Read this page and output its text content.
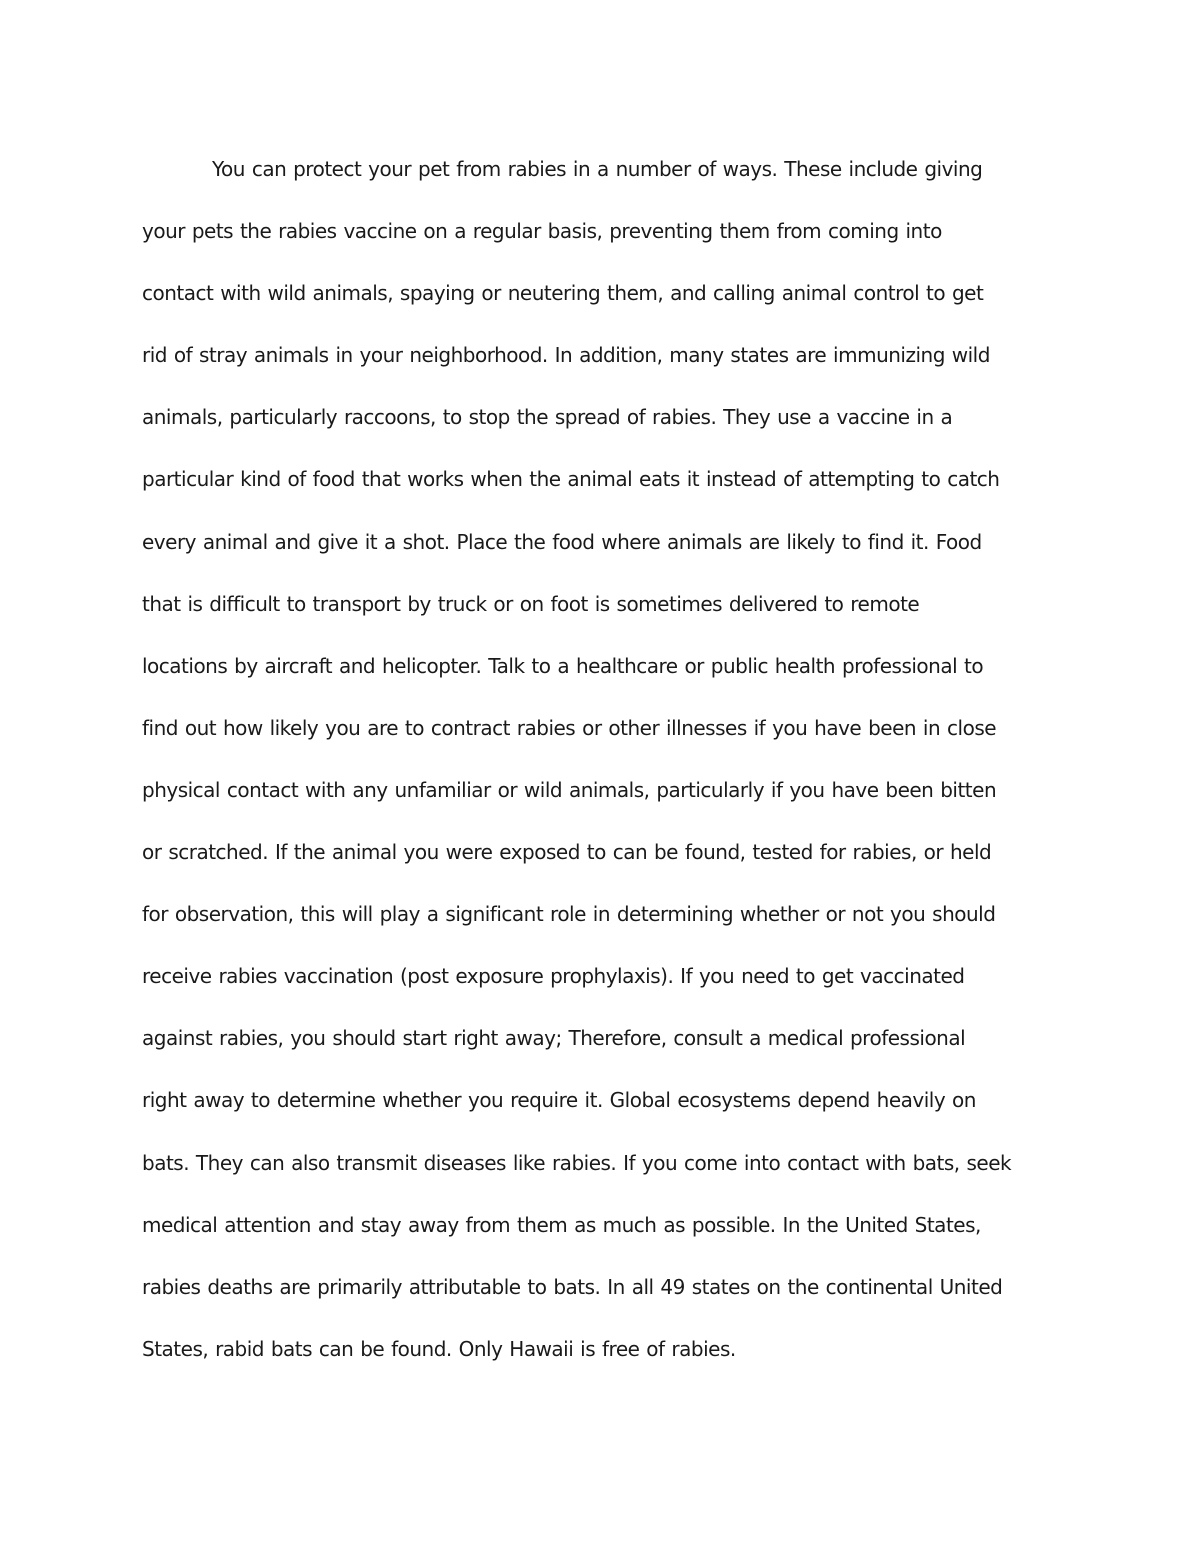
You can protect your pet from rabies in a number of ways. These include giving
your pets the rabies vaccine on a regular basis, preventing them from coming into
contact with wild animals, spaying or neutering them, and calling animal control to get
rid of stray animals in your neighborhood. In addition, many states are immunizing wild
animals, particularly raccoons, to stop the spread of rabies. They use a vaccine in a
particular kind of food that works when the animal eats it instead of attempting to catch
every animal and give it a shot. Place the food where animals are likely to find it. Food
that is difficult to transport by truck or on foot is sometimes delivered to remote
locations by aircraft and helicopter. Talk to a healthcare or public health professional to
find out how likely you are to contract rabies or other illnesses if you have been in close
physical contact with any unfamiliar or wild animals, particularly if you have been bitten
or scratched. If the animal you were exposed to can be found, tested for rabies, or held
for observation, this will play a significant role in determining whether or not you should
receive rabies vaccination (post exposure prophylaxis). If you need to get vaccinated
against rabies, you should start right away; Therefore, consult a medical professional
right away to determine whether you require it. Global ecosystems depend heavily on
bats. They can also transmit diseases like rabies. If you come into contact with bats, seek
medical attention and stay away from them as much as possible. In the United States,
rabies deaths are primarily attributable to bats. In all 49 states on the continental United
States, rabid bats can be found. Only Hawaii is free of rabies.
